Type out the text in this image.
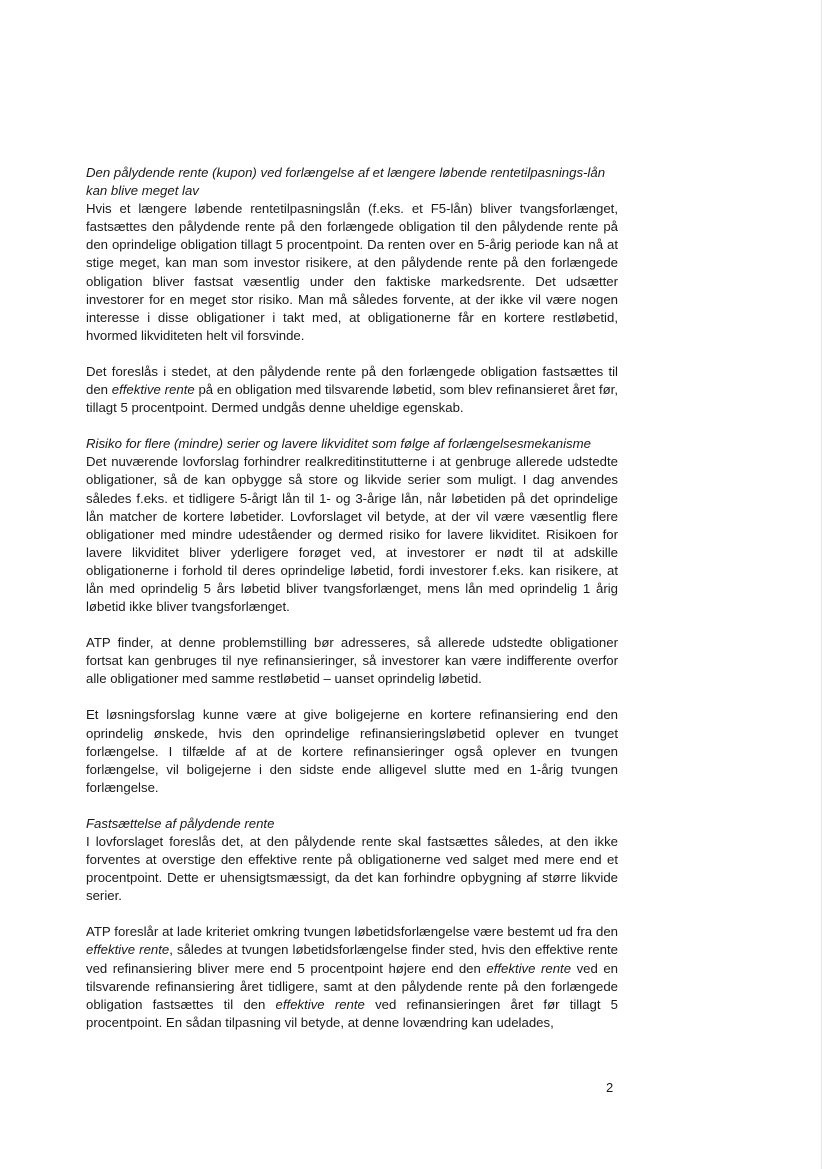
Den pålydende rente (kupon) ved forlængelse af et længere løbende rentetilpasnings-lån kan blive meget lav
Hvis et længere løbende rentetilpasningslån (f.eks. et F5-lån) bliver tvangsforlænget, fastsættes den pålydende rente på den forlængede obligation til den pålydende rente på den oprindelige obligation tillagt 5 procentpoint. Da renten over en 5-årig periode kan nå at stige meget, kan man som investor risikere, at den pålydende rente på den forlængede obligation bliver fastsat væsentlig under den faktiske markedsrente. Det udsætter investorer for en meget stor risiko. Man må således forvente, at der ikke vil være nogen interesse i disse obligationer i takt med, at obligationerne får en kortere restløbetid, hvormed likviditeten helt vil forsvinde.

Det foreslås i stedet, at den pålydende rente på den forlængede obligation fastsættes til den effektive rente på en obligation med tilsvarende løbetid, som blev refinansieret året før, tillagt 5 procentpoint. Dermed undgås denne uheldige egenskab.

Risiko for flere (mindre) serier og lavere likviditet som følge af forlængelsesmekanisme
Det nuværende lovforslag forhindrer realkreditinstitutterne i at genbruge allerede udstedte obligationer, så de kan opbygge så store og likvide serier som muligt. I dag anvendes således f.eks. et tidligere 5-årigt lån til 1- og 3-årige lån, når løbetiden på det oprindelige lån matcher de kortere løbetider. Lovforslaget vil betyde, at der vil være væsentlig flere obligationer med mindre udeståender og dermed risiko for lavere likviditet. Risikoen for lavere likviditet bliver yderligere forøget ved, at investorer er nødt til at adskille obligationerne i forhold til deres oprindelige løbetid, fordi investorer f.eks. kan risikere, at lån med oprindelig 5 års løbetid bliver tvangsforlænget, mens lån med oprindelig 1 årig løbetid ikke bliver tvangsforlænget.

ATP finder, at denne problemstilling bør adresseres, så allerede udstedte obligationer fortsat kan genbruges til nye refinansieringer, så investorer kan være indifferente overfor alle obligationer med samme restløbetid – uanset oprindelig løbetid.

Et løsningsforslag kunne være at give boligejerne en kortere refinansiering end den oprindelig ønskede, hvis den oprindelige refinansieringsløbetid oplever en tvunget forlængelse. I tilfælde af at de kortere refinansieringer også oplever en tvungen forlængelse, vil boligejerne i den sidste ende alligevel slutte med en 1-årig tvungen forlængelse.

Fastsættelse af pålydende rente
I lovforslaget foreslås det, at den pålydende rente skal fastsættes således, at den ikke forventes at overstige den effektive rente på obligationerne ved salget med mere end et procentpoint. Dette er uhensigtsmæssigt, da det kan forhindre opbygning af større likvide serier.

ATP foreslår at lade kriteriet omkring tvungen løbetidsforlængelse være bestemt ud fra den effektive rente, således at tvungen løbetidsforlængelse finder sted, hvis den effektive rente ved refinansiering bliver mere end 5 procentpoint højere end den effektive rente ved en tilsvarende refinansiering året tidligere, samt at den pålydende rente på den forlængede obligation fastsættes til den effektive rente ved refinansieringen året før tillagt 5 procentpoint. En sådan tilpasning vil betyde, at denne lovændring kan udelades,

2
